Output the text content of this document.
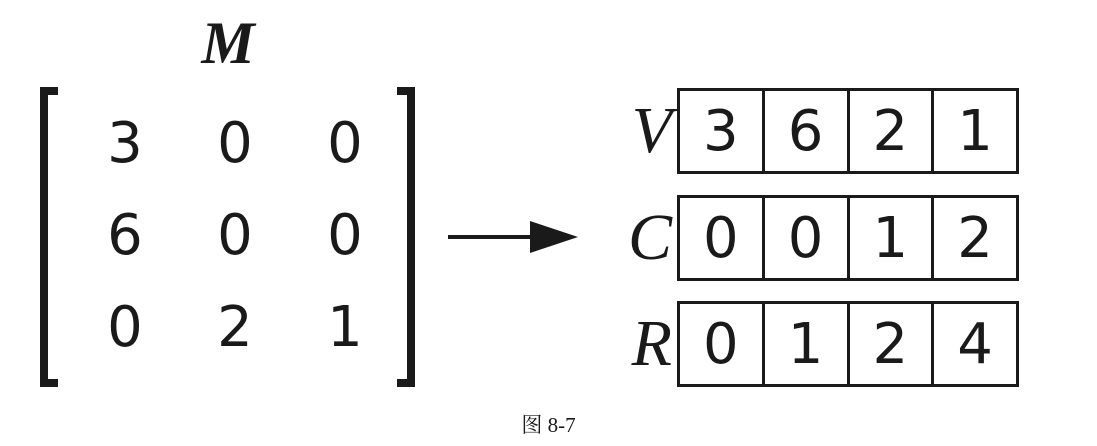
M
3	0	0
6	0	0
0	2	1
V 3 6 2 1
C 0 0 1 2
R 0 1 2 4
图 8-7
